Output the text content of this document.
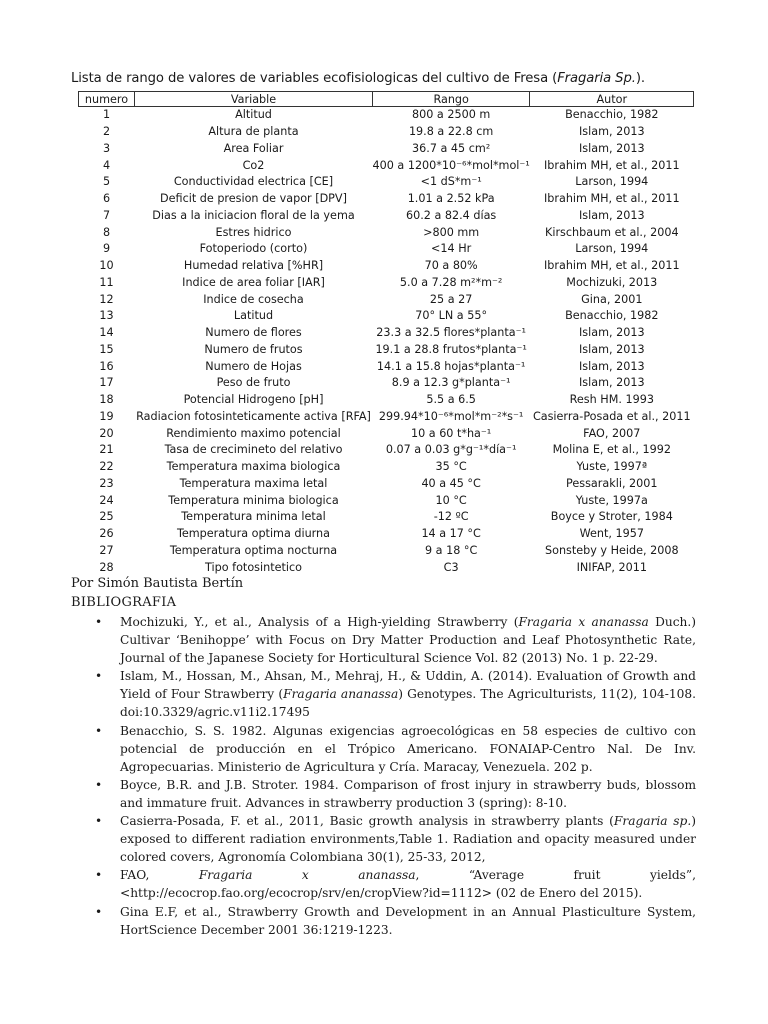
Lista de rango de valores de variables ecofisiologicas del cultivo de Fresa (Fragaria Sp.).
numero	Variable	Rango	Autor
1	Altitud	800 a 2500 m	Benacchio, 1982
2	Altura de planta	19.8 a 22.8 cm	Islam, 2013
3	Area Foliar	36.7 a 45 cm²	Islam, 2013
4	Co2	400 a 1200*10⁻⁶*mol*mol⁻¹	Ibrahim MH, et al., 2011
5	Conductividad electrica [CE]	<1 dS*m⁻¹	Larson, 1994
6	Deficit de presion de vapor [DPV]	1.01 a 2.52 kPa	Ibrahim MH, et al., 2011
7	Dias a la iniciacion floral de la yema	60.2 a 82.4 días	Islam, 2013
8	Estres hidrico	>800 mm	Kirschbaum et al., 2004
9	Fotoperiodo (corto)	<14 Hr	Larson, 1994
10	Humedad relativa [%HR]	70 a 80%	Ibrahim MH, et al., 2011
11	Indice de area foliar [IAR]	5.0 a 7.28 m²*m⁻²	Mochizuki, 2013
12	Indice de cosecha	25 a 27	Gina, 2001
13	Latitud	70° LN a 55°	Benacchio, 1982
14	Numero de flores	23.3 a 32.5 flores*planta⁻¹	Islam, 2013
15	Numero de frutos	19.1 a 28.8 frutos*planta⁻¹	Islam, 2013
16	Numero de Hojas	14.1 a 15.8 hojas*planta⁻¹	Islam, 2013
17	Peso de fruto	8.9 a 12.3 g*planta⁻¹	Islam, 2013
18	Potencial Hidrogeno [pH]	5.5 a 6.5	Resh HM. 1993
19	Radiacion fotosinteticamente activa [RFA]	299.94*10⁻⁶*mol*m⁻²*s⁻¹	Casierra-Posada et al., 2011
20	Rendimiento maximo potencial	10 a 60 t*ha⁻¹	FAO, 2007
21	Tasa de crecimineto del relativo	0.07 a 0.03 g*g⁻¹*día⁻¹	Molina E, et al., 1992
22	Temperatura maxima biologica	35 °C	Yuste, 1997ª
23	Temperatura maxima letal	40 a 45 °C	Pessarakli, 2001
24	Temperatura minima biologica	10 °C	Yuste, 1997a
25	Temperatura minima letal	-12 ºC	Boyce y Stroter, 1984
26	Temperatura optima diurna	14 a 17 °C	Went, 1957
27	Temperatura optima nocturna	9 a 18 °C	Sonsteby y Heide, 2008
28	Tipo fotosintetico	C3	INIFAP, 2011
Por Simón Bautista Bertín
BIBLIOGRAFIA
• Mochizuki, Y., et al., Analysis of a High-yielding Strawberry (Fragaria x ananassa Duch.) Cultivar ‘Benihoppe’ with Focus on Dry Matter Production and Leaf Photosynthetic Rate, Journal of the Japanese Society for Horticultural Science Vol. 82 (2013) No. 1 p. 22-29.
• Islam, M., Hossan, M., Ahsan, M., Mehraj, H., & Uddin, A. (2014). Evaluation of Growth and Yield of Four Strawberry (Fragaria ananassa) Genotypes. The Agriculturists, 11(2), 104-108. doi:10.3329/agric.v11i2.17495
• Benacchio, S. S. 1982. Algunas exigencias agroecológicas en 58 especies de cultivo con potencial de producción en el Trópico Americano. FONAIAP-Centro Nal. De Inv. Agropecuarias. Ministerio de Agricultura y Cría. Maracay, Venezuela. 202 p.
• Boyce, B.R. and J.B. Stroter. 1984. Comparison of frost injury in strawberry buds, blossom and immature fruit. Advances in strawberry production 3 (spring): 8-10.
• Casierra-Posada, F. et al., 2011, Basic growth analysis in strawberry plants (Fragaria sp.) exposed to different radiation environments,Table 1. Radiation and opacity measured under colored covers, Agronomía Colombiana 30(1), 25-33, 2012,
• FAO, Fragaria x ananassa, “Average fruit yields”, <http://ecocrop.fao.org/ecocrop/srv/en/cropView?id=1112> (02 de Enero del 2015).
• Gina E.F, et al., Strawberry Growth and Development in an Annual Plasticulture System, HortScience December 2001 36:1219-1223.
